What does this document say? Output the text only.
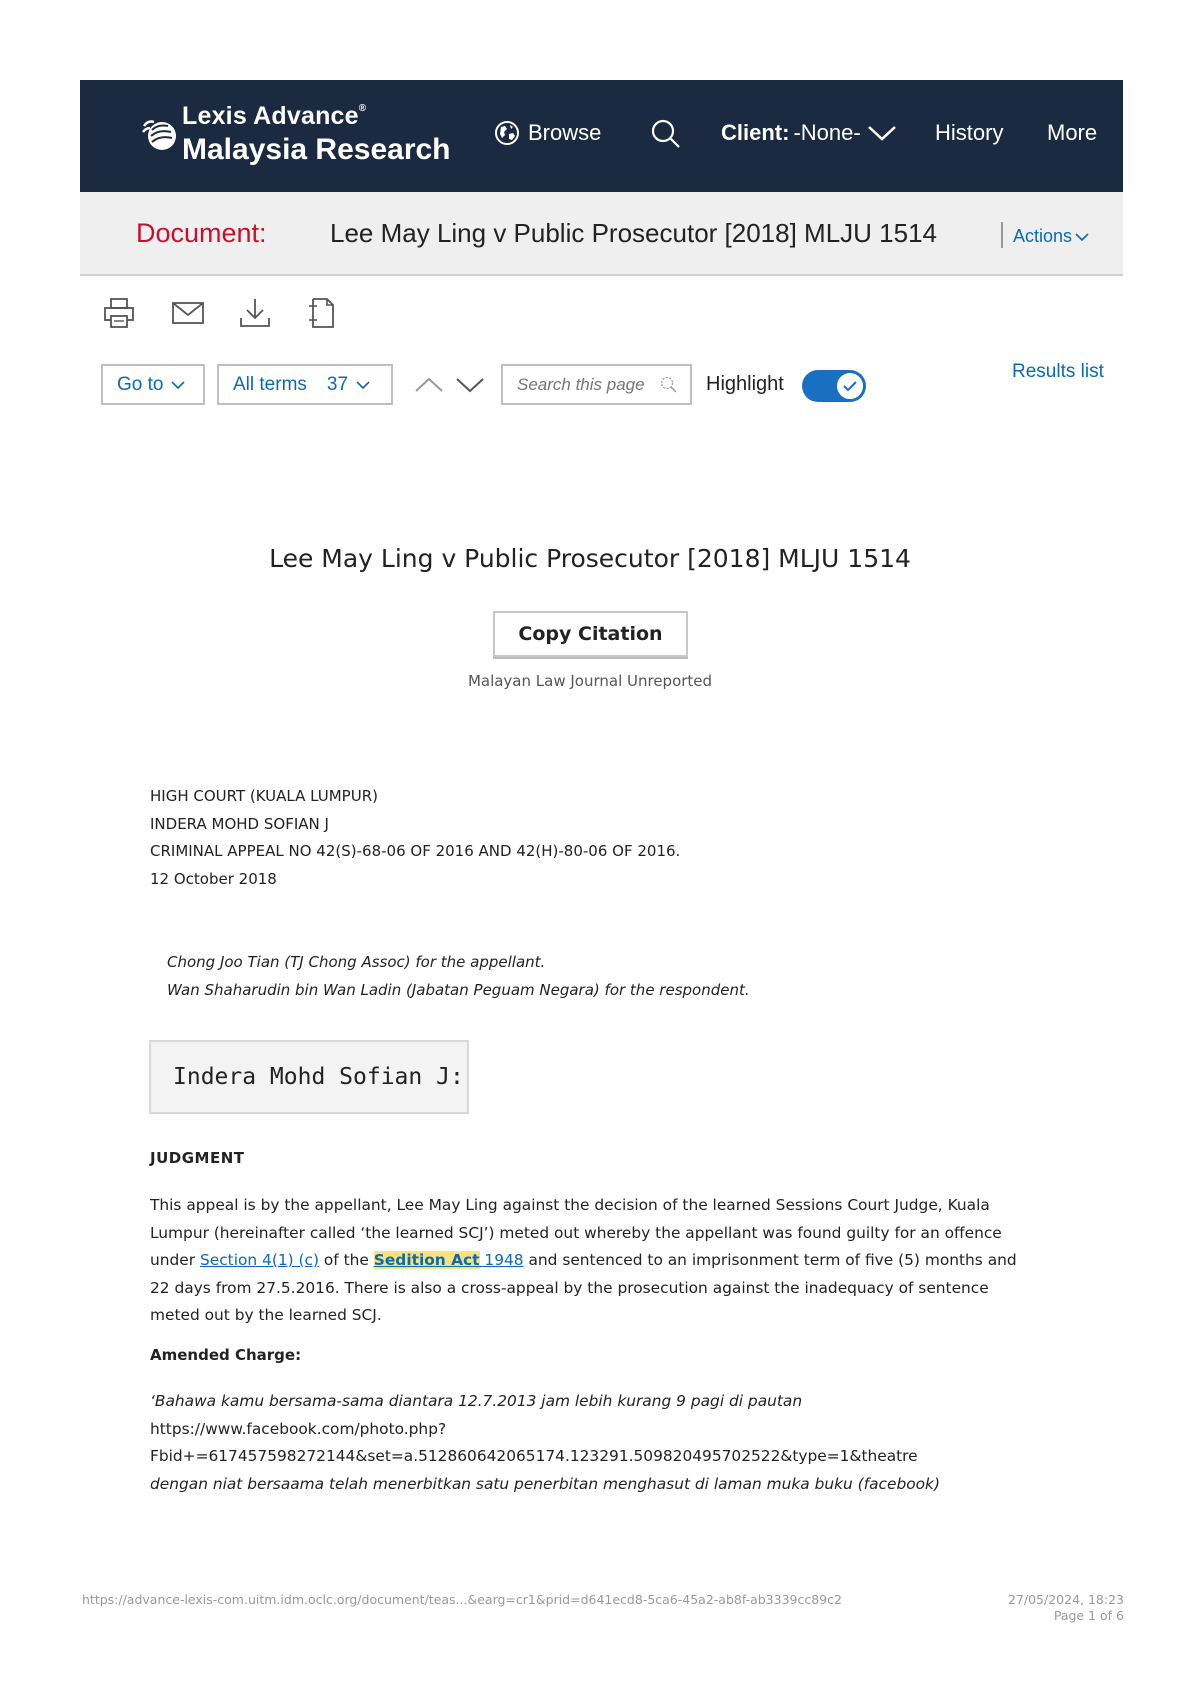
Lexis Advance®
Malaysia Research
Browse	Client: -None-	History More
Document: Lee May Ling v Public Prosecutor [2018] MLJU 1514	Actions
Go to	All terms 37
Search this page	Highlight
Results list
Lee May Ling v Public Prosecutor [2018] MLJU 1514
Copy Citation
Malayan Law Journal Unreported
HIGH COURT (KUALA LUMPUR)
INDERA MOHD SOFIAN J
CRIMINAL APPEAL NO 42(S)-68-06 OF 2016 AND 42(H)-80-06 OF 2016.
12 October 2018
Chong Joo Tian (TJ Chong Assoc) for the appellant.
Wan Shaharudin bin Wan Ladin (Jabatan Peguam Negara) for the respondent.
Indera Mohd Sofian J:
JUDGMENT
This appeal is by the appellant, Lee May Ling against the decision of the learned Sessions Court Judge, Kuala Lumpur (hereinafter called ‘the learned SCJ’) meted out whereby the appellant was found guilty for an offence under Section 4(1) (c) of the Sedition Act 1948 and sentenced to an imprisonment term of five (5) months and 22 days from 27.5.2016. There is also a cross-appeal by the prosecution against the inadequacy of sentence meted out by the learned SCJ.
Amended Charge:
‘Bahawa kamu bersama-sama diantara 12.7.2013 jam lebih kurang 9 pagi di pautan
https://www.facebook.com/photo.php?
Fbid+=617457598272144&set=a.512860642065174.123291.509820495702522&type=1&theatre
dengan niat bersaama telah menerbitkan satu penerbitan menghasut di laman muka buku (facebook)
https://advance-lexis-com.uitm.idm.oclc.org/document/teas...&earg=cr1&prid=d641ecd8-5ca6-45a2-ab8f-ab3339cc89c2	27/05/2024, 18:23
Page 1 of 6
